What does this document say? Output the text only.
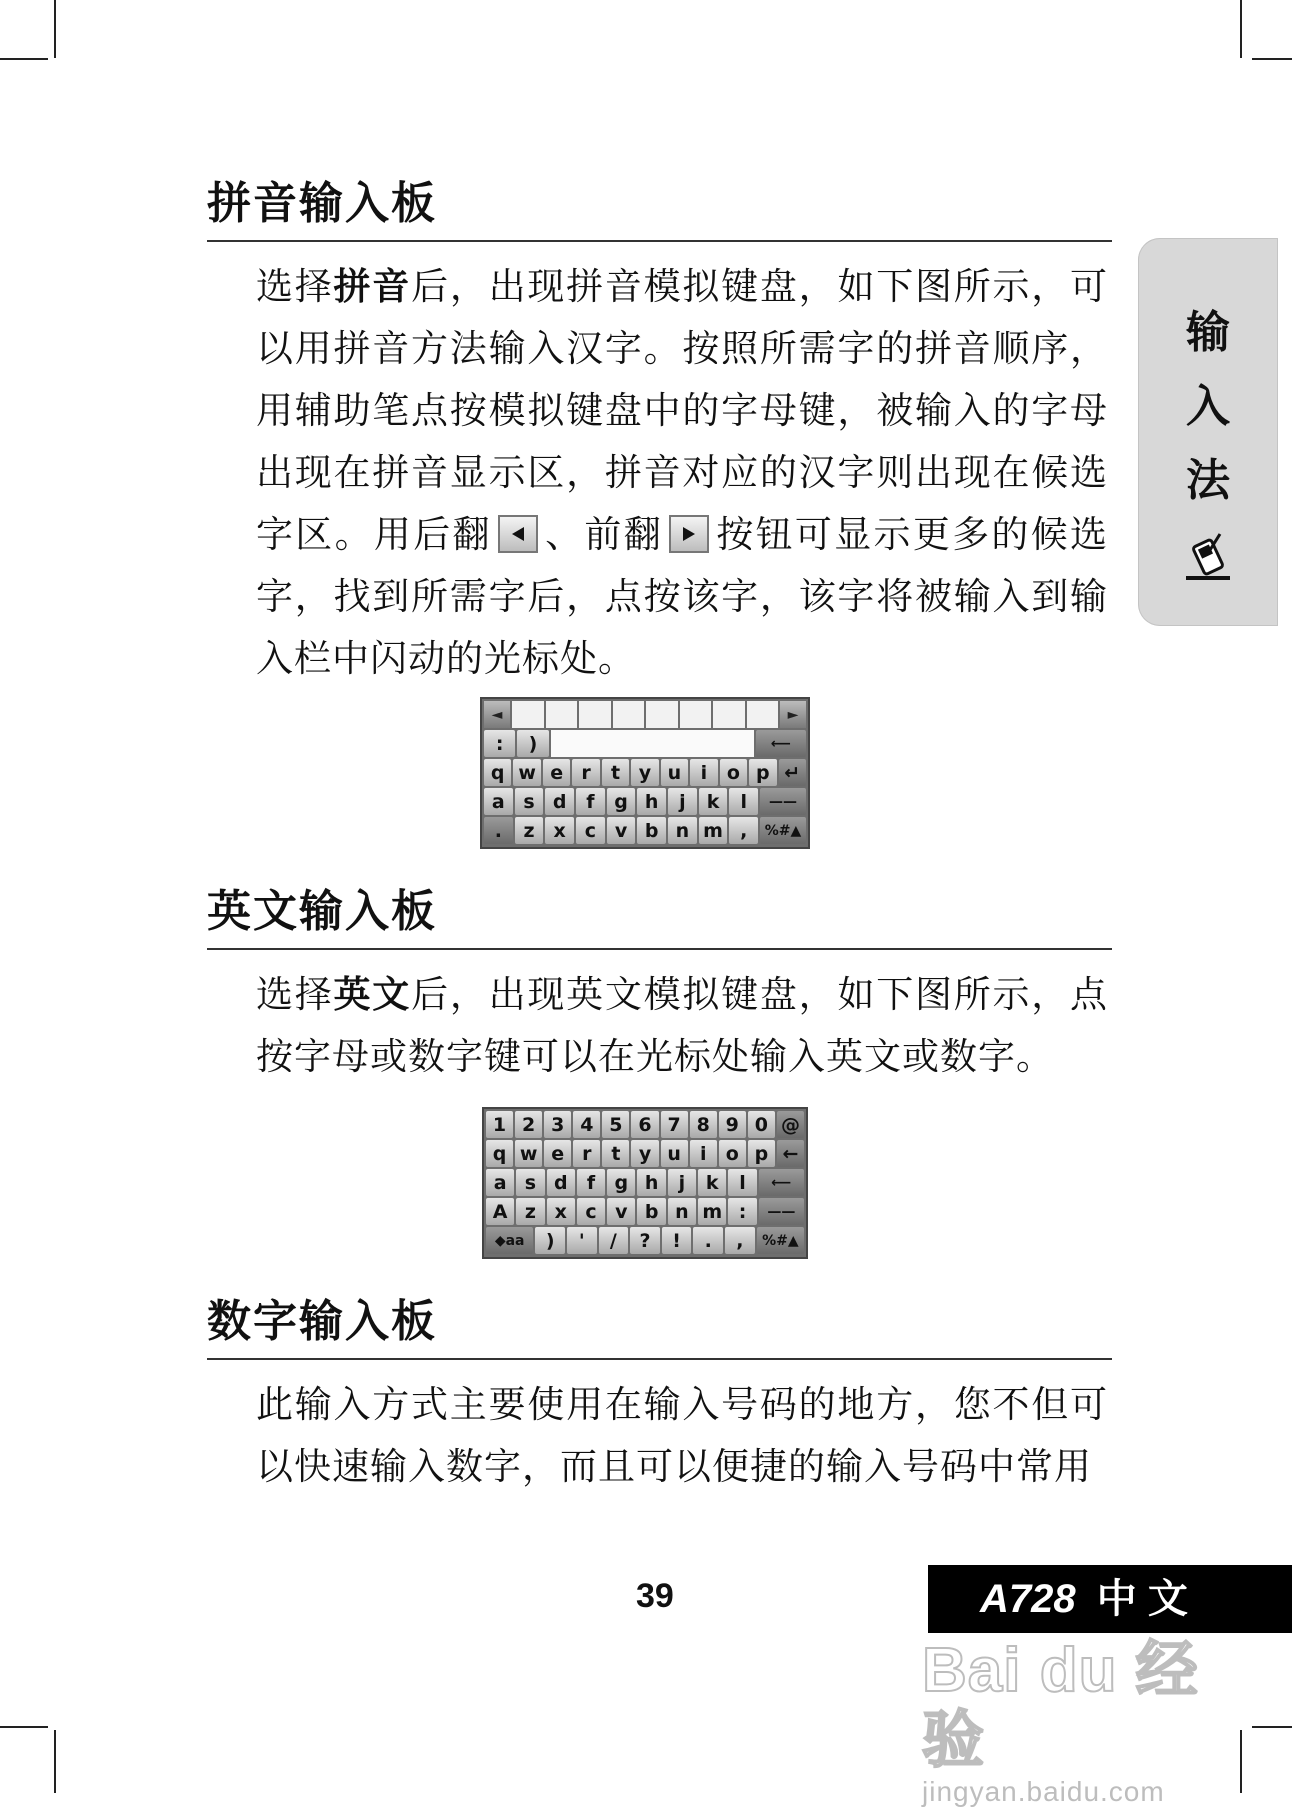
输
入
法
拼音输入板
选择拼音后，出现拼音模拟键盘，如下图所示，可以用拼音方法输入汉字。按照所需字的拼音顺序，用辅助笔点按模拟键盘中的字母键，被输入的字母出现在拼音显示区，拼音对应的汉字则出现在候选字区。用后翻 、前翻 按钮可显示更多的候选字，找到所需字后，点按该字，该字将被输入到输入栏中闪动的光标处。
◄	►
:	)	⟵
q w e r	t y u	i	o p ↵
a s d	f	g h	j	k	l	——
.	z	x c v b n m ,	%#▲
英文输入板
选择英文后，出现英文模拟键盘，如下图所示，点按字母或数字键可以在光标处输入英文或数字。
1 2 3 4 5 6 7 8 9 0 @
q w e r	t y u	i	o p ←
a s d	f	g h	j	k	l	⟵
A z x c v b n m :	——
◆aa	)	'	/	?	!	.	,	%#▲
数字输入板
此输入方式主要使用在输入号码的地方，您不但可以快速输入数字，而且可以便捷的输入号码中常用
39	A728 中 文
Bai du 经验
jingyan.baidu.com
